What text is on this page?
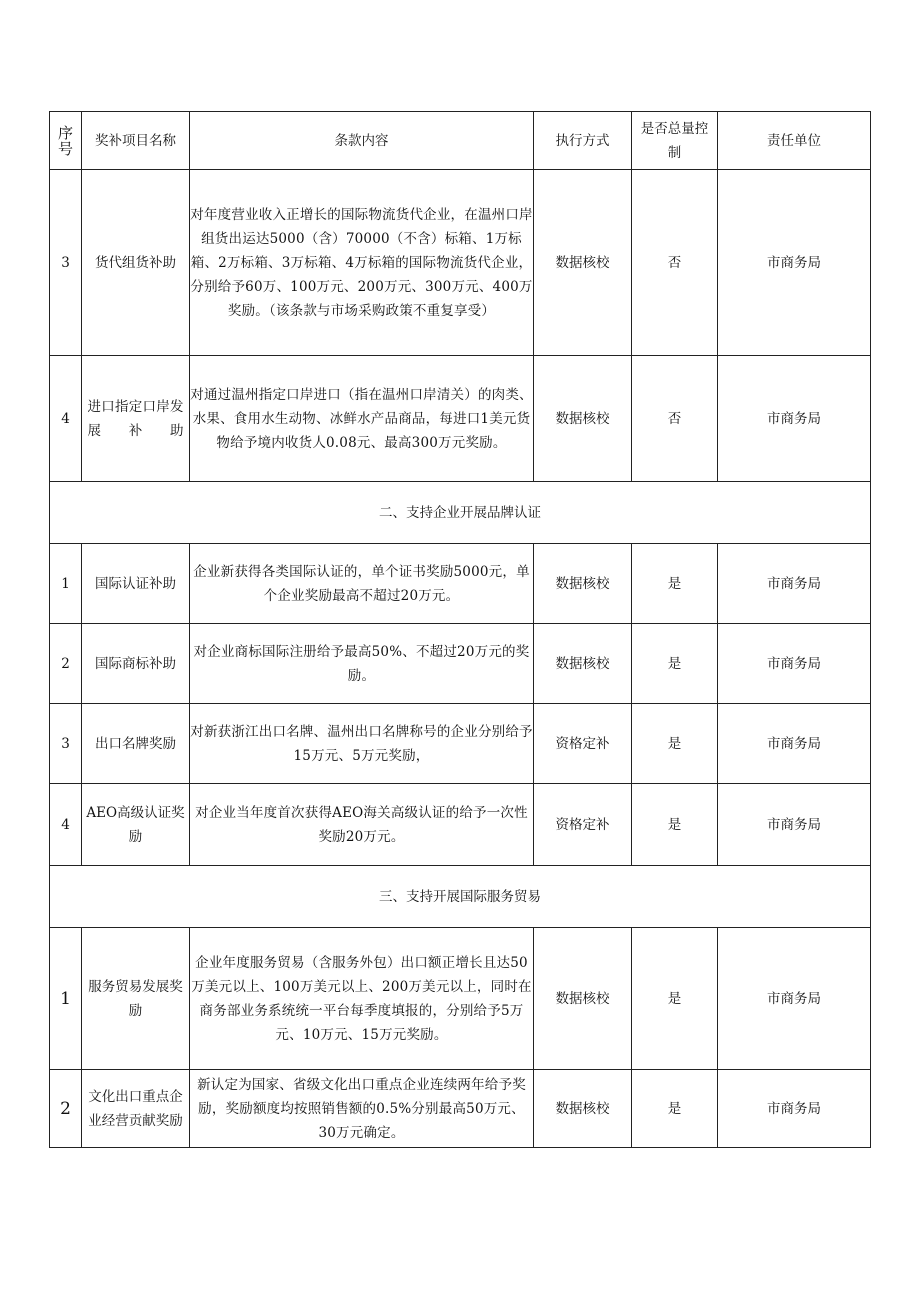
序号	奖补项目名称	条款内容	执行方式	是否总量控制	责任单位
3	货代组货补助	对年度营业收入正增长的国际物流货代企业，在温州口岸组货出运达5000（含）70000（不含）标箱、1万标箱、2万标箱、3万标箱、4万标箱的国际物流货代企业，分别给予60万、100万元、200万元、300万元、400万奖励。（该条款与市场采购政策不重复享受）	数据核校	否	市商务局
4	进口指定口岸发展补助	对通过温州指定口岸进口（指在温州口岸清关）的肉类、水果、食用水生动物、冰鲜水产品商品，每进口1美元货物给予境内收货人0.08元、最高300万元奖励。	数据核校	否	市商务局
二、支持企业开展品牌认证					
1	国际认证补助	企业新获得各类国际认证的，单个证书奖励5000元，单个企业奖励最高不超过20万元。	数据核校	是	市商务局
2	国际商标补助	对企业商标国际注册给予最高50%、不超过20万元的奖励。	数据核校	是	市商务局
3	出口名牌奖励	对新获浙江出口名牌、温州出口名牌称号的企业分别给予15万元、5万元奖励，	资格定补	是	市商务局
4	AEO高级认证奖励	对企业当年度首次获得AEO海关高级认证的给予一次性奖励20万元。	资格定补	是	市商务局
三、支持开展国际服务贸易					
1	服务贸易发展奖励	企业年度服务贸易（含服务外包）出口额正增长且达50万美元以上、100万美元以上、200万美元以上，同时在商务部业务系统统一平台每季度填报的，分别给予5万元、10万元、15万元奖励。	数据核校	是	市商务局
2	文化出口重点企业经营贡献奖励	新认定为国家、省级文化出口重点企业连续两年给予奖励，奖励额度均按照销售额的0.5%分别最高50万元、30万元确定。	数据核校	是	市商务局
